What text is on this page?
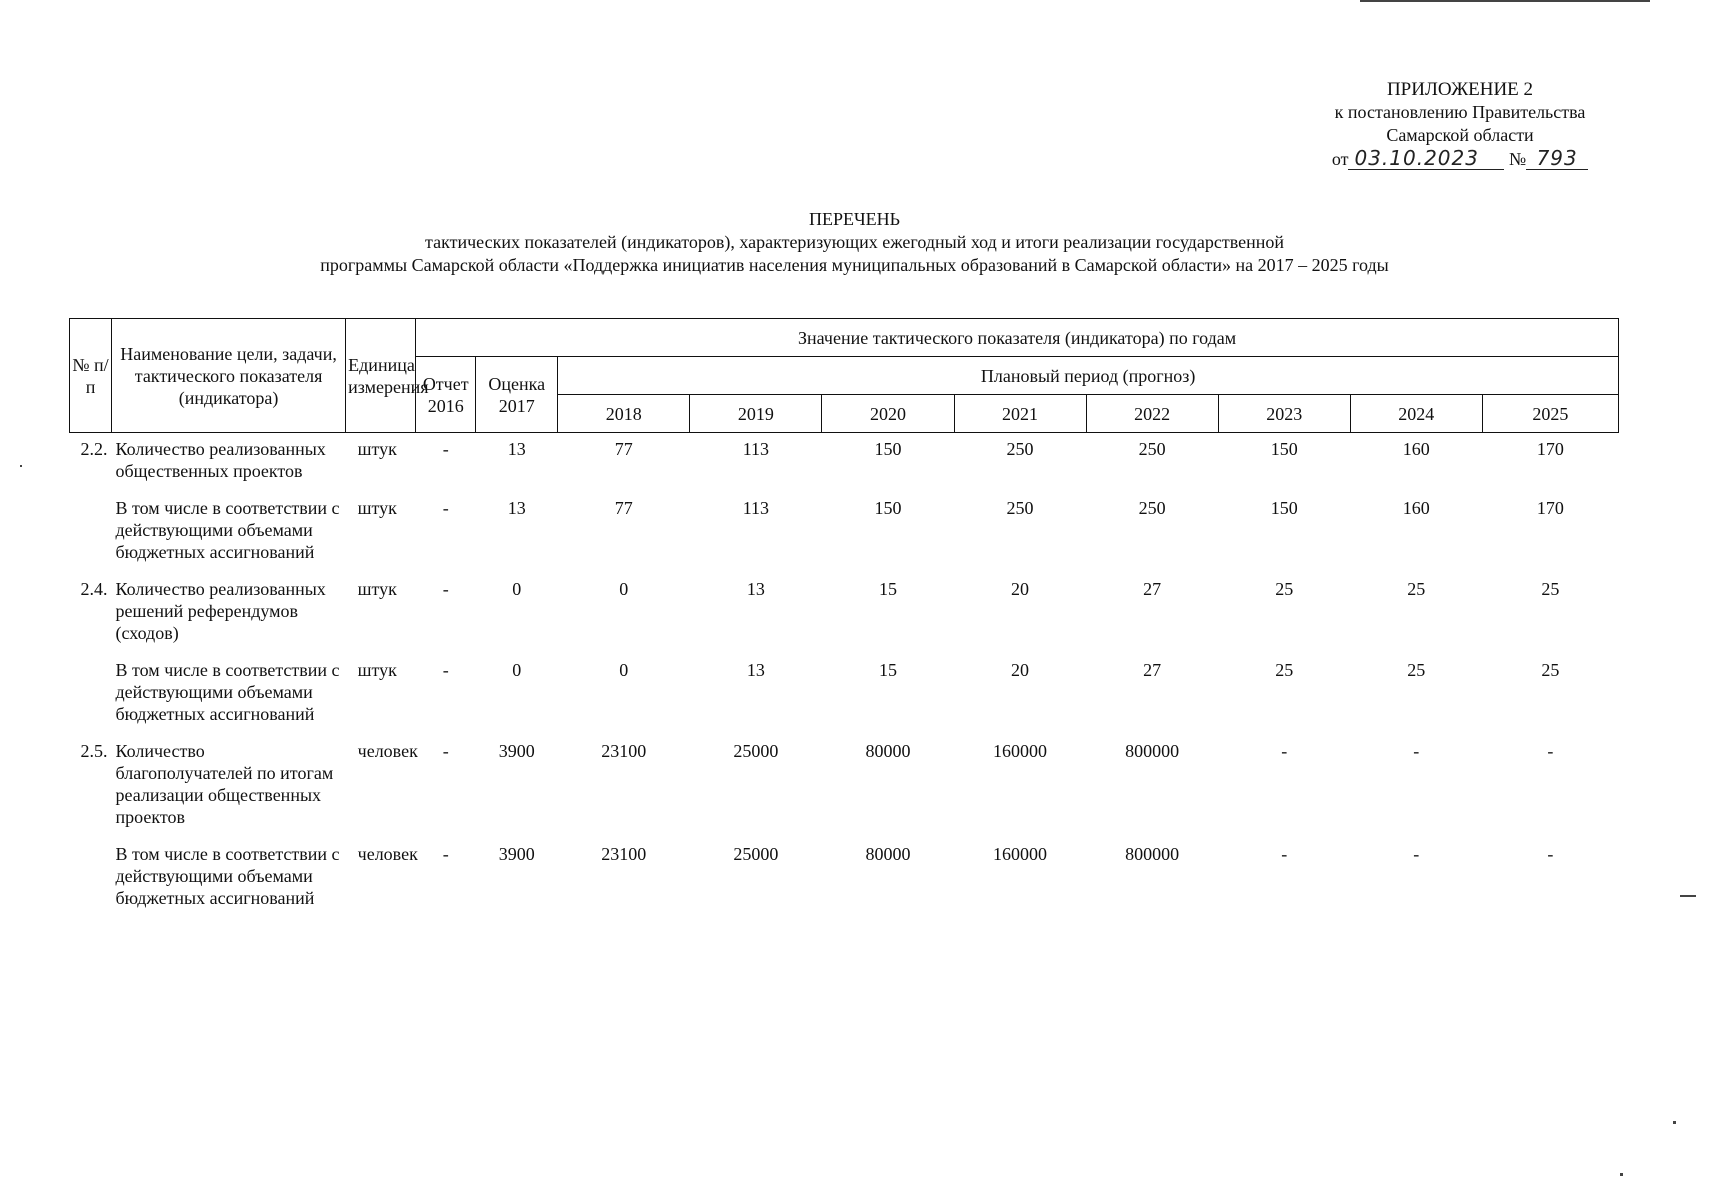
ПРИЛОЖЕНИЕ 2
к постановлению Правительства
Самарской области
от 03.10.2023 № 793
ПЕРЕЧЕНЬ
тактических показателей (индикаторов), характеризующих ежегодный ход и итоги реализации государственной
программы Самарской области «Поддержка инициатив населения муниципальных образований в Самарской области» на 2017 – 2025 годы
№ п/п	Наименование цели, задачи, тактического показателя (индикатора)	Единица измерения	Значение тактического показателя (индикатора) по годам									
			Отчет 2016	Оценка 2017	Плановый период (прогноз)							
					2018	2019	2020	2021	2022	2023	2024	2025
2.2.	Количество реализованных общественных проектов	штук	-	13	77	113	150	250	250	150	160	170

	В том числе в соответствии с действующими объемами бюджетных ассигнований	штук	-	13	77	113	150	250	250	150	160	170

2.4.	Количество реализованных решений референдумов (сходов)	штук	-	0	0	13	15	20	27	25	25	25

	В том числе в соответствии с действующими объемами бюджетных ассигнований	штук	-	0	0	13	15	20	27	25	25	25

2.5.	Количество благополучателей по итогам реализации общественных проектов	человек	-	3900	23100	25000	80000	160000	800000	-	-	-

	В том числе в соответствии с действующими объемами бюджетных ассигнований	человек	-	3900	23100	25000	80000	160000	800000	-	-	-
